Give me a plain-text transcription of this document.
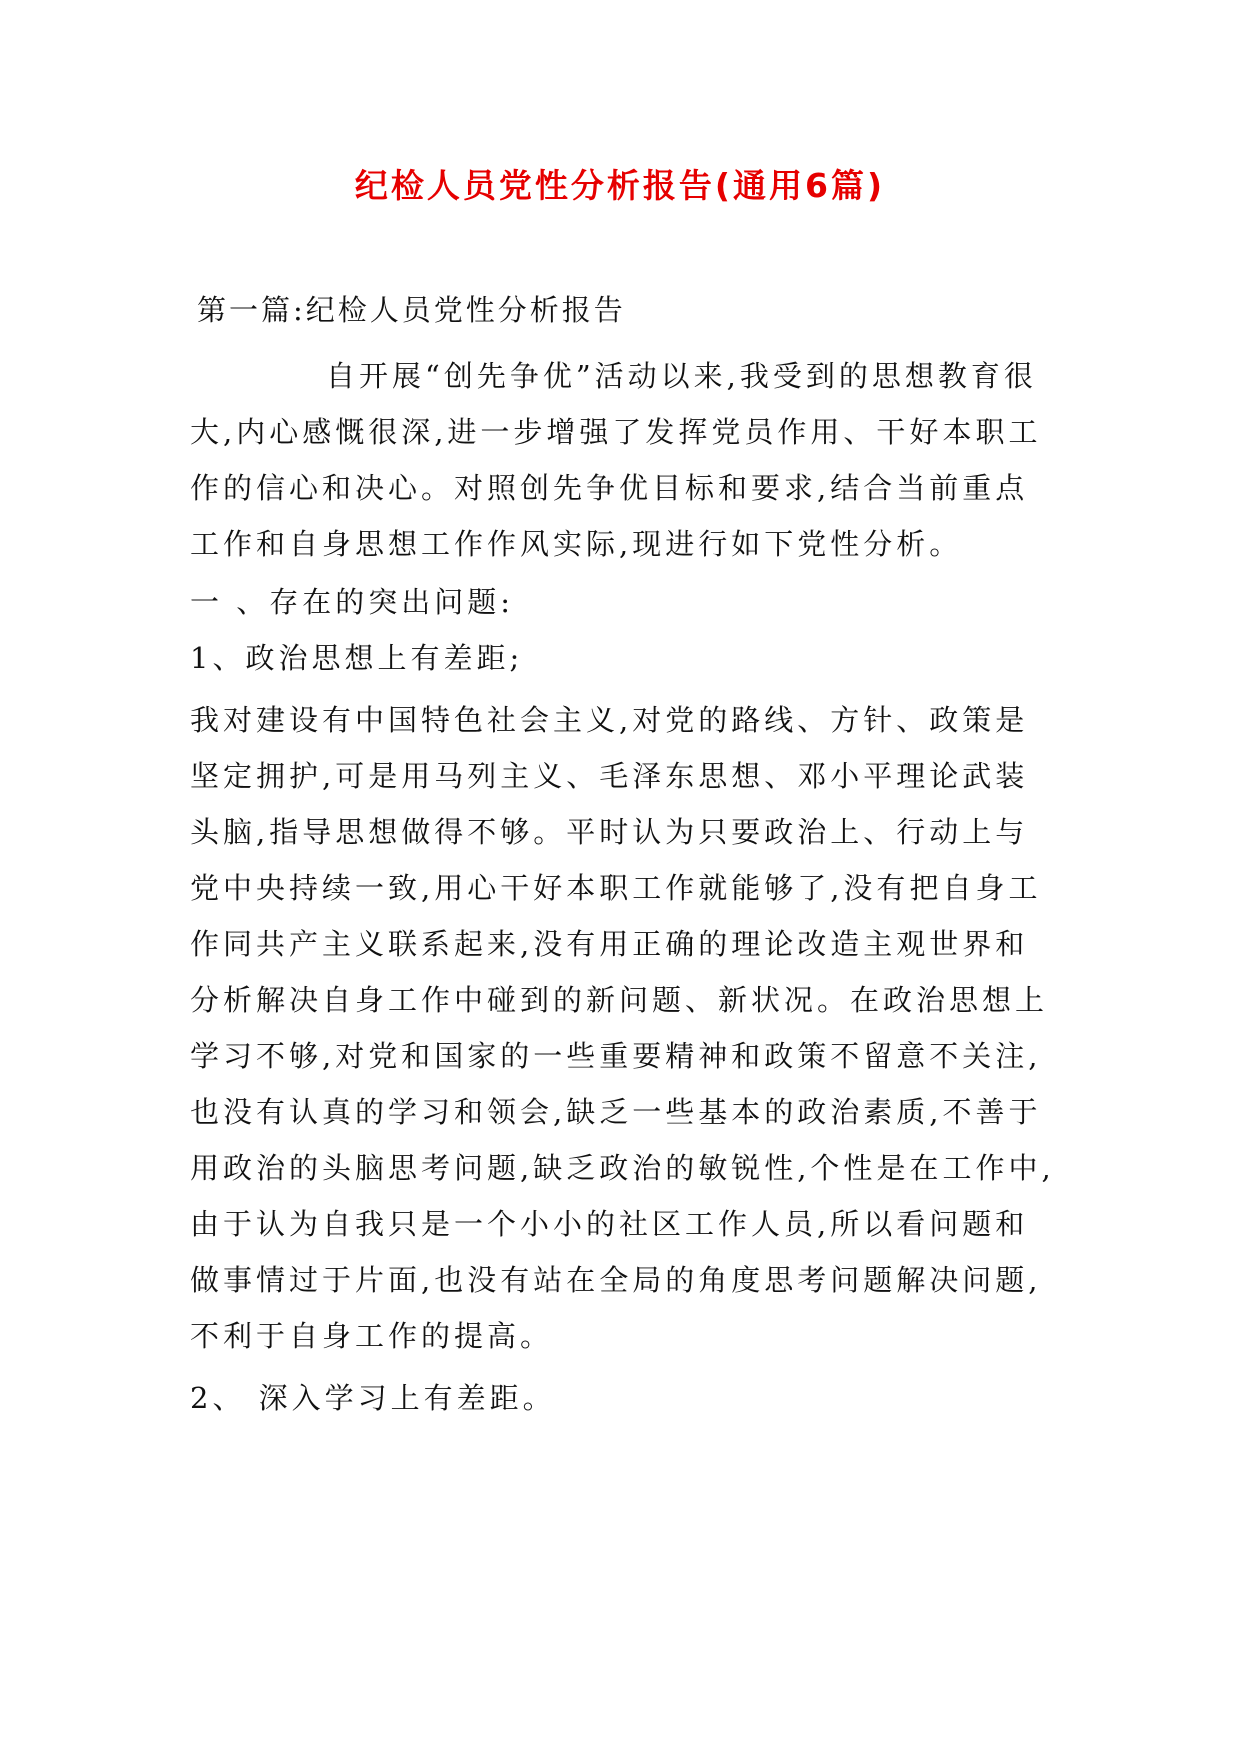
纪检人员党性分析报告(通用6篇)

第一篇:纪检人员党性分析报告

自开展“创先争优”活动以来,我受到的思想教育很大,内心感慨很深,进一步增强了发挥党员作用、干好本职工作的信心和决心。对照创先争优目标和要求,结合当前重点工作和自身思想工作作风实际,现进行如下党性分析。

一 、存在的突出问题:

1、政治思想上有差距;

我对建设有中国特色社会主义,对党的路线、方针、政策是坚定拥护,可是用马列主义、毛泽东思想、邓小平理论武装头脑,指导思想做得不够。平时认为只要政治上、行动上与党中央持续一致,用心干好本职工作就能够了,没有把自身工作同共产主义联系起来,没有用正确的理论改造主观世界和分析解决自身工作中碰到的新问题、新状况。在政治思想上学习不够,对党和国家的一些重要精神和政策不留意不关注,也没有认真的学习和领会,缺乏一些基本的政治素质,不善于用政治的头脑思考问题,缺乏政治的敏锐性,个性是在工作中,由于认为自我只是一个小小的社区工作人员,所以看问题和做事情过于片面,也没有站在全局的角度思考问题解决问题,不利于自身工作的提高。

2、 深入学习上有差距。
